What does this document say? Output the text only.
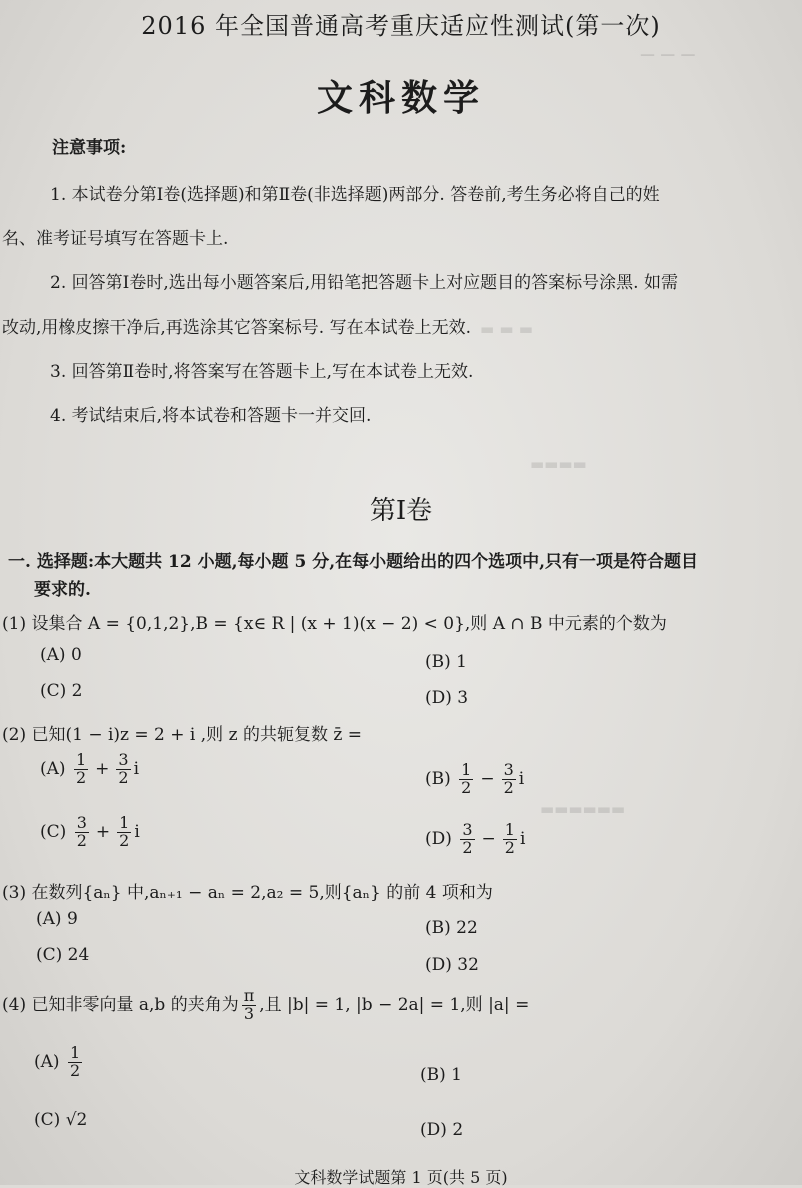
— — —
▬ ▬ ▬
▬▬▬▬
▬▬▬▬▬▬
2016 年全国普通高考重庆适应性测试(第一次)
文科数学
注意事项:
1. 本试卷分第Ⅰ卷(选择题)和第Ⅱ卷(非选择题)两部分. 答卷前,考生务必将自己的姓
名、准考证号填写在答题卡上.
2. 回答第Ⅰ卷时,选出每小题答案后,用铅笔把答题卡上对应题目的答案标号涂黑. 如需
改动,用橡皮擦干净后,再选涂其它答案标号. 写在本试卷上无效.
3. 回答第Ⅱ卷时,将答案写在答题卡上,写在本试卷上无效.
4. 考试结束后,将本试卷和答题卡一并交回.
第Ⅰ卷
一. 选择题:本大题共 12 小题,每小题 5 分,在每小题给出的四个选项中,只有一项是符合题目
要求的.
(1) 设集合 A = {0,1,2},B = {x∈ R | (x + 1)(x − 2) < 0},则 A ∩ B 中元素的个数为
(A) 0	(B) 1
(C) 2	(D) 3
(2) 已知(1 − i)z = 2 + i ,则 z 的共轭复数 z̄ =
$(A) \frac{1}{2} + \frac{3}{2}$ i	$(B) \frac{1}{2} - \frac{3}{2}$ i
$(C) \frac{3}{2} + \frac{1}{2}$ i	$(D) \frac{3}{2} - \frac{1}{2}$ i
(3) 在数列{aₙ} 中,aₙ₊₁ − aₙ = 2,a₂ = 5,则{aₙ} 的前 4 项和为
(A) 9	(B) 22
(C) 24	(D) 32
(4) 已知非零向量 a,b 的夹角为 $\frac{\pi}{3}$ ,且 |b| = 1, |b − 2a| = 1,则 |a| =
$(A) \frac{1}{2}$	(B) 1
(C) √2	(D) 2
文科数学试题第 1 页(共 5 页)
